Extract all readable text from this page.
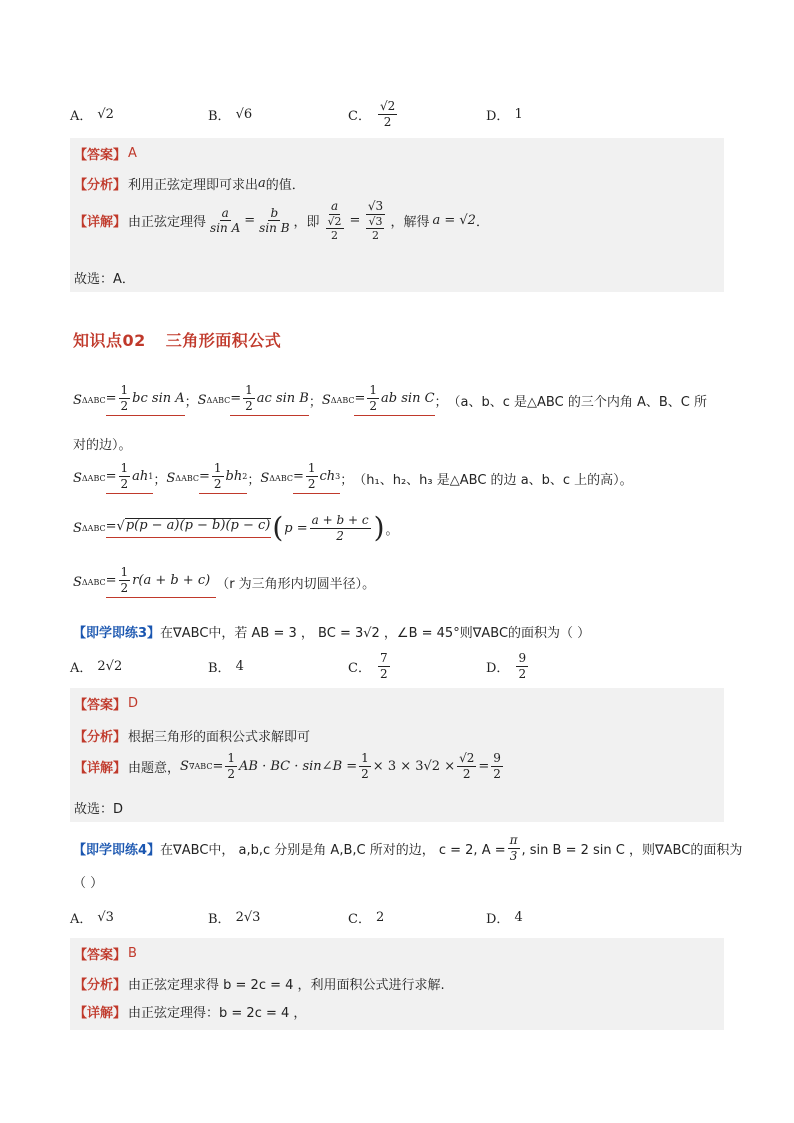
A． √2	B． √6	C． $\frac{√2}{2}$	D． 1
【答案】 A
【分析】 利用正弦定理即可求出 a 的值．
【详解】 由正弦定理得 $\frac{a}{\text{sin A}} = \frac{b}{\text{sin B}}$ ，即 $\frac{a}{\frac{√2}{2}} = \frac{√3}{\frac{√3}{2}}$ ，解得 a = √2 ．
故选：A．
知识点02 三角形面积公式
S $\Delta ABC = \frac{1}{2}$ bc sin A ； S $\Delta ABC = \frac{1}{2}$ ac sin B ； S $\Delta ABC = \frac{1}{2}$ ab sin C ； （a、b、c 是△ABC 的三个内角 A、B、C 所
对的边）。
S $\Delta ABC = \frac{1}{2}$ ah 1 ； S $\Delta ABC = \frac{1}{2}$ bh 2 ； S $\Delta ABC = \frac{1}{2}$ ch 3 ； （h₁、h₂、h₃ 是△ABC 的边 a、b、c 上的高）。
S ΔABC = √ p(p − a)(p − b)(p − c) ( $p = \frac{a + b + c}{2}$ ) 。
S $\Delta ABC = \frac{1}{2} r(a + b + c)$ （r 为三角形内切圆半径）。
【即学即练3】在∇ABC中，若 AB = 3 ， BC = 3√2 ，∠B = 45°则∇ABC的面积为（ ）
A． 2√2	B． 4	C． $\frac{7}{2}$	D． $\frac{9}{2}$
【答案】 D
【分析】 根据三角形的面积公式求解即可
【详解】 由题意， S $\nabla ABC = \frac{1}{2}$ AB · BC · sin∠B = $\frac{1}{2} \times 3 \times 3√2 \times \frac{√2}{2} = \frac{9}{2}$
故选：D
【即学即练4】 在∇ABC中， a,b,c 分别是角 A,B,C 所对的边， c = 2, $A = \frac{\pi}{3}$ , sin B = 2 sin C ，则∇ABC的面积为
（ ）
A． √3	B． 2√3	C． 2	D． 4
【答案】 B
【分析】 由正弦定理求得 b = 2c = 4 ，利用面积公式进行求解.
【详解】 由正弦定理得：b = 2c = 4 ，
